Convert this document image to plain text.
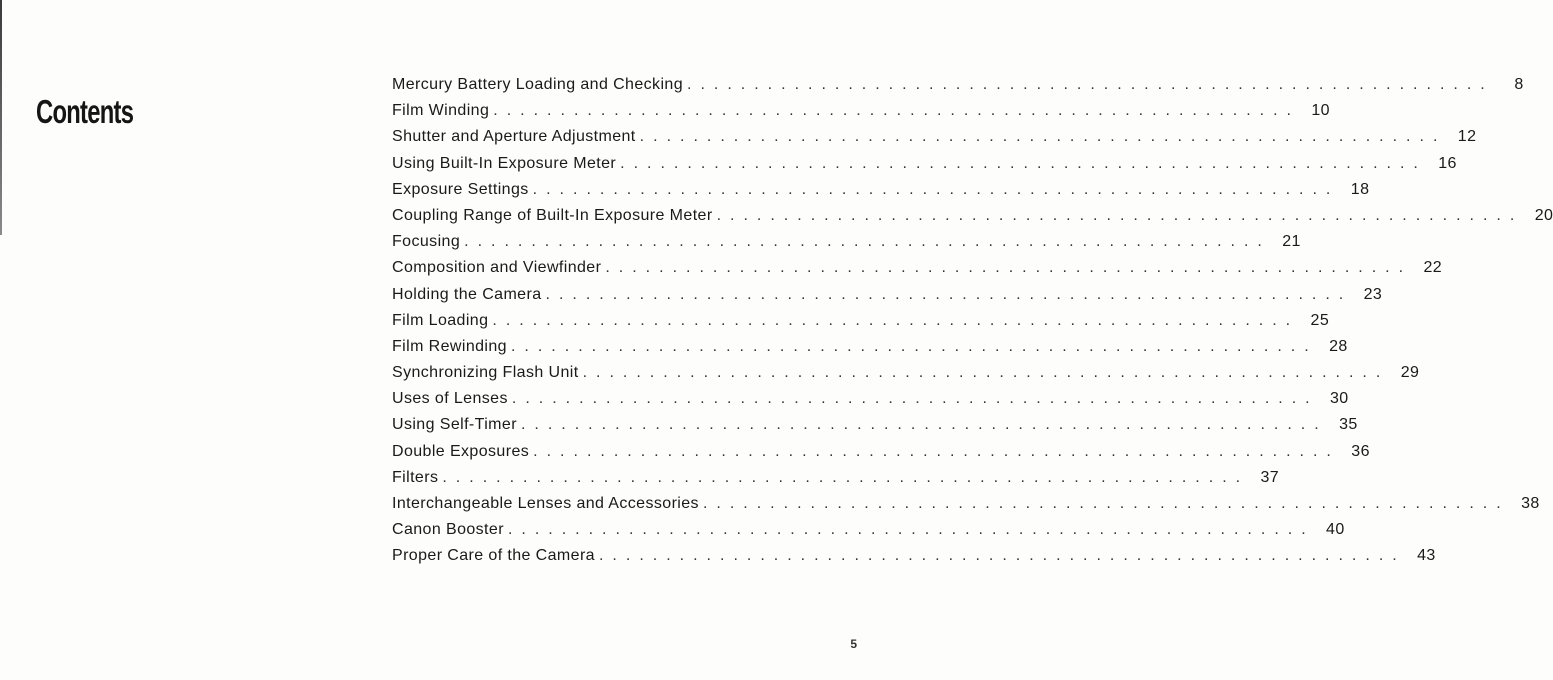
Contents
Mercury Battery Loading and Checking ............................................................	8
Film Winding ............................................................ 10
Shutter and Aperture Adjustment ............................................................ 12
Using Built-In Exposure Meter ............................................................ 16
Exposure Settings ............................................................ 18
Coupling Range of Built-In Exposure Meter ............................................................ 20
Focusing ............................................................ 21
Composition and Viewfinder ............................................................ 22
Holding the Camera ............................................................ 23
Film Loading ............................................................ 25
Film Rewinding ............................................................ 28
Synchronizing Flash Unit ............................................................ 29
Uses of Lenses ............................................................ 30
Using Self-Timer ............................................................ 35
Double Exposures ............................................................ 36
Filters ............................................................ 37
Interchangeable Lenses and Accessories ............................................................ 38
Canon Booster ............................................................ 40
Proper Care of the Camera ............................................................ 43
5
